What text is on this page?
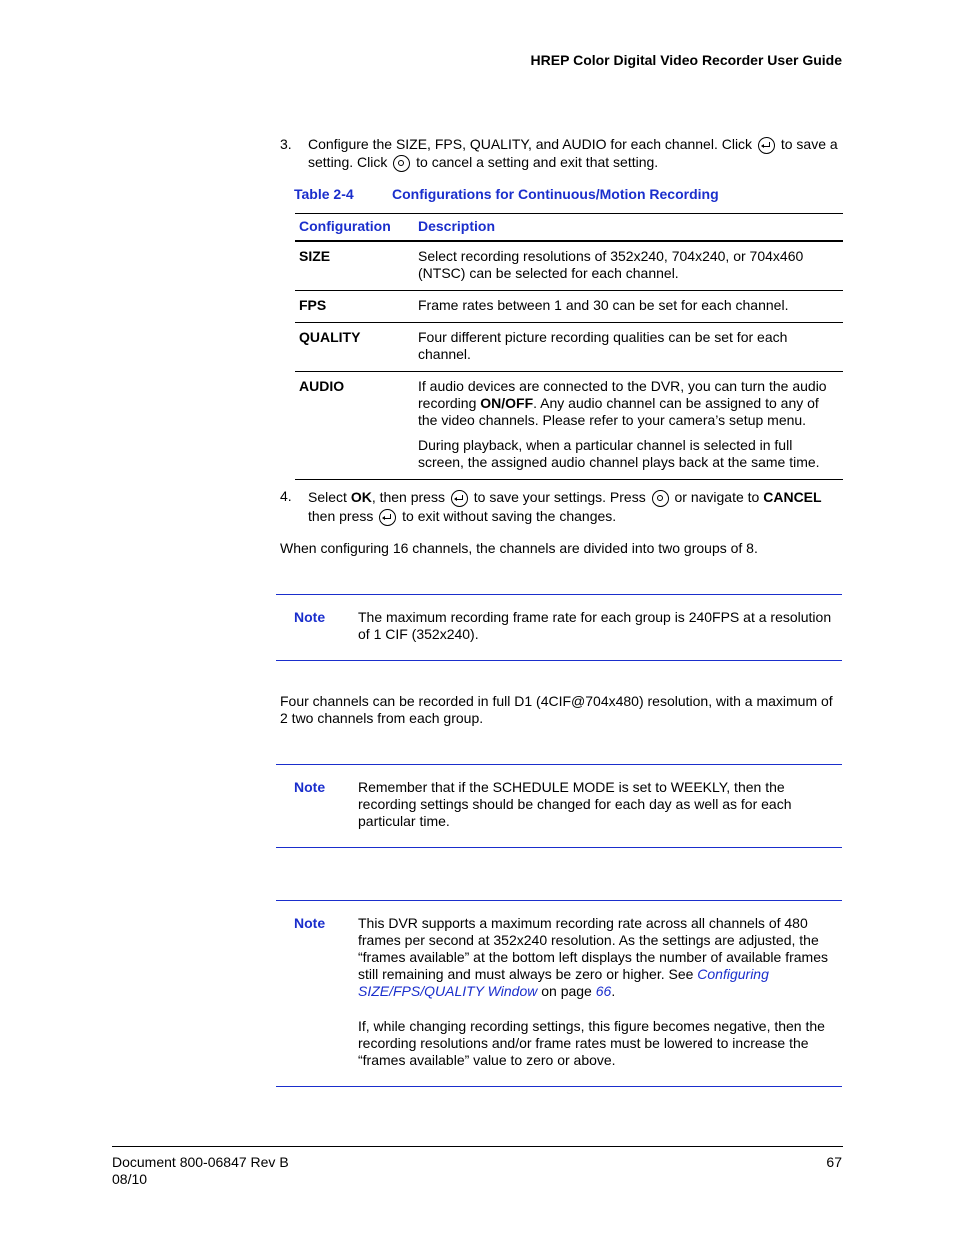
HREP Color Digital Video Recorder User Guide
3. Configure the SIZE, FPS, QUALITY, and AUDIO for each channel. Click to save a setting. Click to cancel a setting and exit that setting.
Table 2-4	Configurations for Continuous/Motion Recording
Configuration	Description
SIZE	Select recording resolutions of 352x240, 704x240, or 704x460 (NTSC) can be selected for each channel.
FPS	Frame rates between 1 and 30 can be set for each channel.
QUALITY	Four different picture recording qualities can be set for each channel.
AUDIO	If audio devices are connected to the DVR, you can turn the audio recording ON/OFF. Any audio channel can be assigned to any of the video channels. Please refer to your camera’s setup menu.

During playback, when a particular channel is selected in full screen, the assigned audio channel plays back at the same time.

4. Select OK, then press to save your settings. Press or navigate to CANCEL then press to exit without saving the changes.
When configuring 16 channels, the channels are divided into two groups of 8.
Note The maximum recording frame rate for each group is 240FPS at a resolution of 1 CIF (352x240).
Four channels can be recorded in full D1 (4CIF@704x480) resolution, with a maximum of 2 two channels from each group.
Note Remember that if the SCHEDULE MODE is set to WEEKLY, then the recording settings should be changed for each day as well as for each particular time.
Note This DVR supports a maximum recording rate across all channels of 480 frames per second at 352x240 resolution. As the settings are adjusted, the “frames available” at the bottom left displays the number of available frames still remaining and must always be zero or higher. See Configuring SIZE/FPS/QUALITY Window on page 66.

If, while changing recording settings, this figure becomes negative, then the recording resolutions and/or frame rates must be lowered to increase the “frames available” value to zero or above.

Document 800-06847 Rev B
08/10
67
